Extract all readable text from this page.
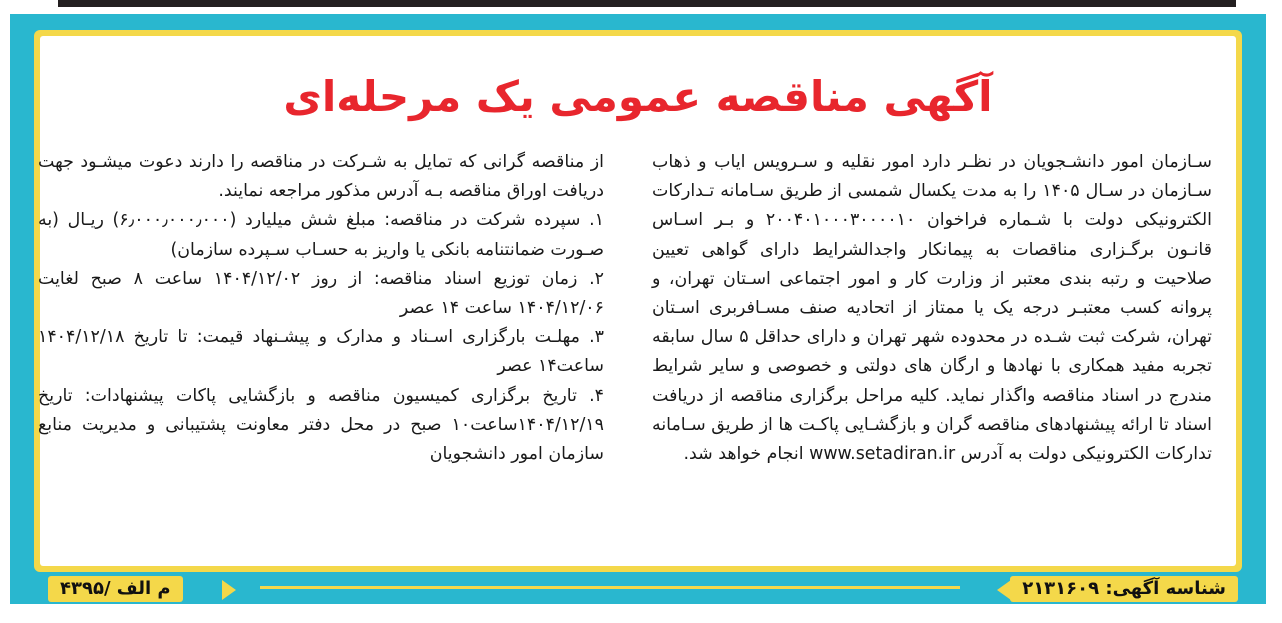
آگهی مناقصه عمومی یک مرحله‌ای

سـازمان امور دانشـجویان در نظـر دارد امور نقلیه و سـرویس ایاب و ذهاب سـازمان در سـال ۱۴۰۵ را به مدت یکسال شمسی از طریق سـامانه تـدارکات الکترونیکی دولت با شـماره فراخوان ۲۰۰۴۰۱۰۰۰۳۰۰۰۰۱۰ و بـر اسـاس قانـون برگـزاری مناقصات به پیمانکار واجدالشرایط دارای گواهی تعیین صلاحیت و رتبه بندی معتبر از وزارت کار و امور اجتماعی اسـتان تهران، و پروانه کسب معتبـر درجه یک یا ممتاز از اتحادیه صنف مسـافربری اسـتان تهران، شرکت ثبت شـده در محدوده شهر تهران و دارای حداقل ۵ سال سابقه تجربه مفید همکاری با نهادها و ارگان های دولتی و خصوصی و سایر شرایط مندرج در اسناد مناقصه واگذار نماید. کلیه مراحل برگزاری مناقصه از دریافت اسناد تا ارائه پیشنهادهای مناقصه گران و بازگشـایی پاکـت ها از طریق سـامانه تدارکات الکترونیکی دولت به آدرس www.setadiran.ir انجام خواهد شد.

از مناقصه گرانی که تمایل به شـرکت در مناقصه را دارند دعوت میشـود جهت دریافت اوراق مناقصه بـه آدرس مذکور مراجعه نمایند.

۱. سپرده شرکت در مناقصه: مبلغ شش میلیارد (۶٫۰۰۰٫۰۰۰٫۰۰۰) ریـال (به صـورت ضمانتنامه بانکی یا واریز به حسـاب سـپرده سازمان)

۲. زمان توزیع اسناد مناقصه: از روز ۱۴۰۴/۱۲/۰۲ ساعت ۸ صبح لغایت ۱۴۰۴/۱۲/۰۶ ساعت ۱۴ عصر

۳. مهلـت بارگزاری اسـناد و مدارک و پیشـنهاد قیمت: تا تاریخ ۱۴۰۴/۱۲/۱۸ ساعت۱۴ عصر

۴. تاریخ برگزاری کمیسیون مناقصه و بازگشایی پاکات پیشنهادات: تاریخ ۱۴۰۴/۱۲/۱۹ساعت۱۰ صبح در محل دفتر معاونت پشتیبانی و مدیریت منابع سازمان امور دانشجویان

شناسه آگهی: ۲۱۳۱۶۰۹
م الف /۴۳۹۵
